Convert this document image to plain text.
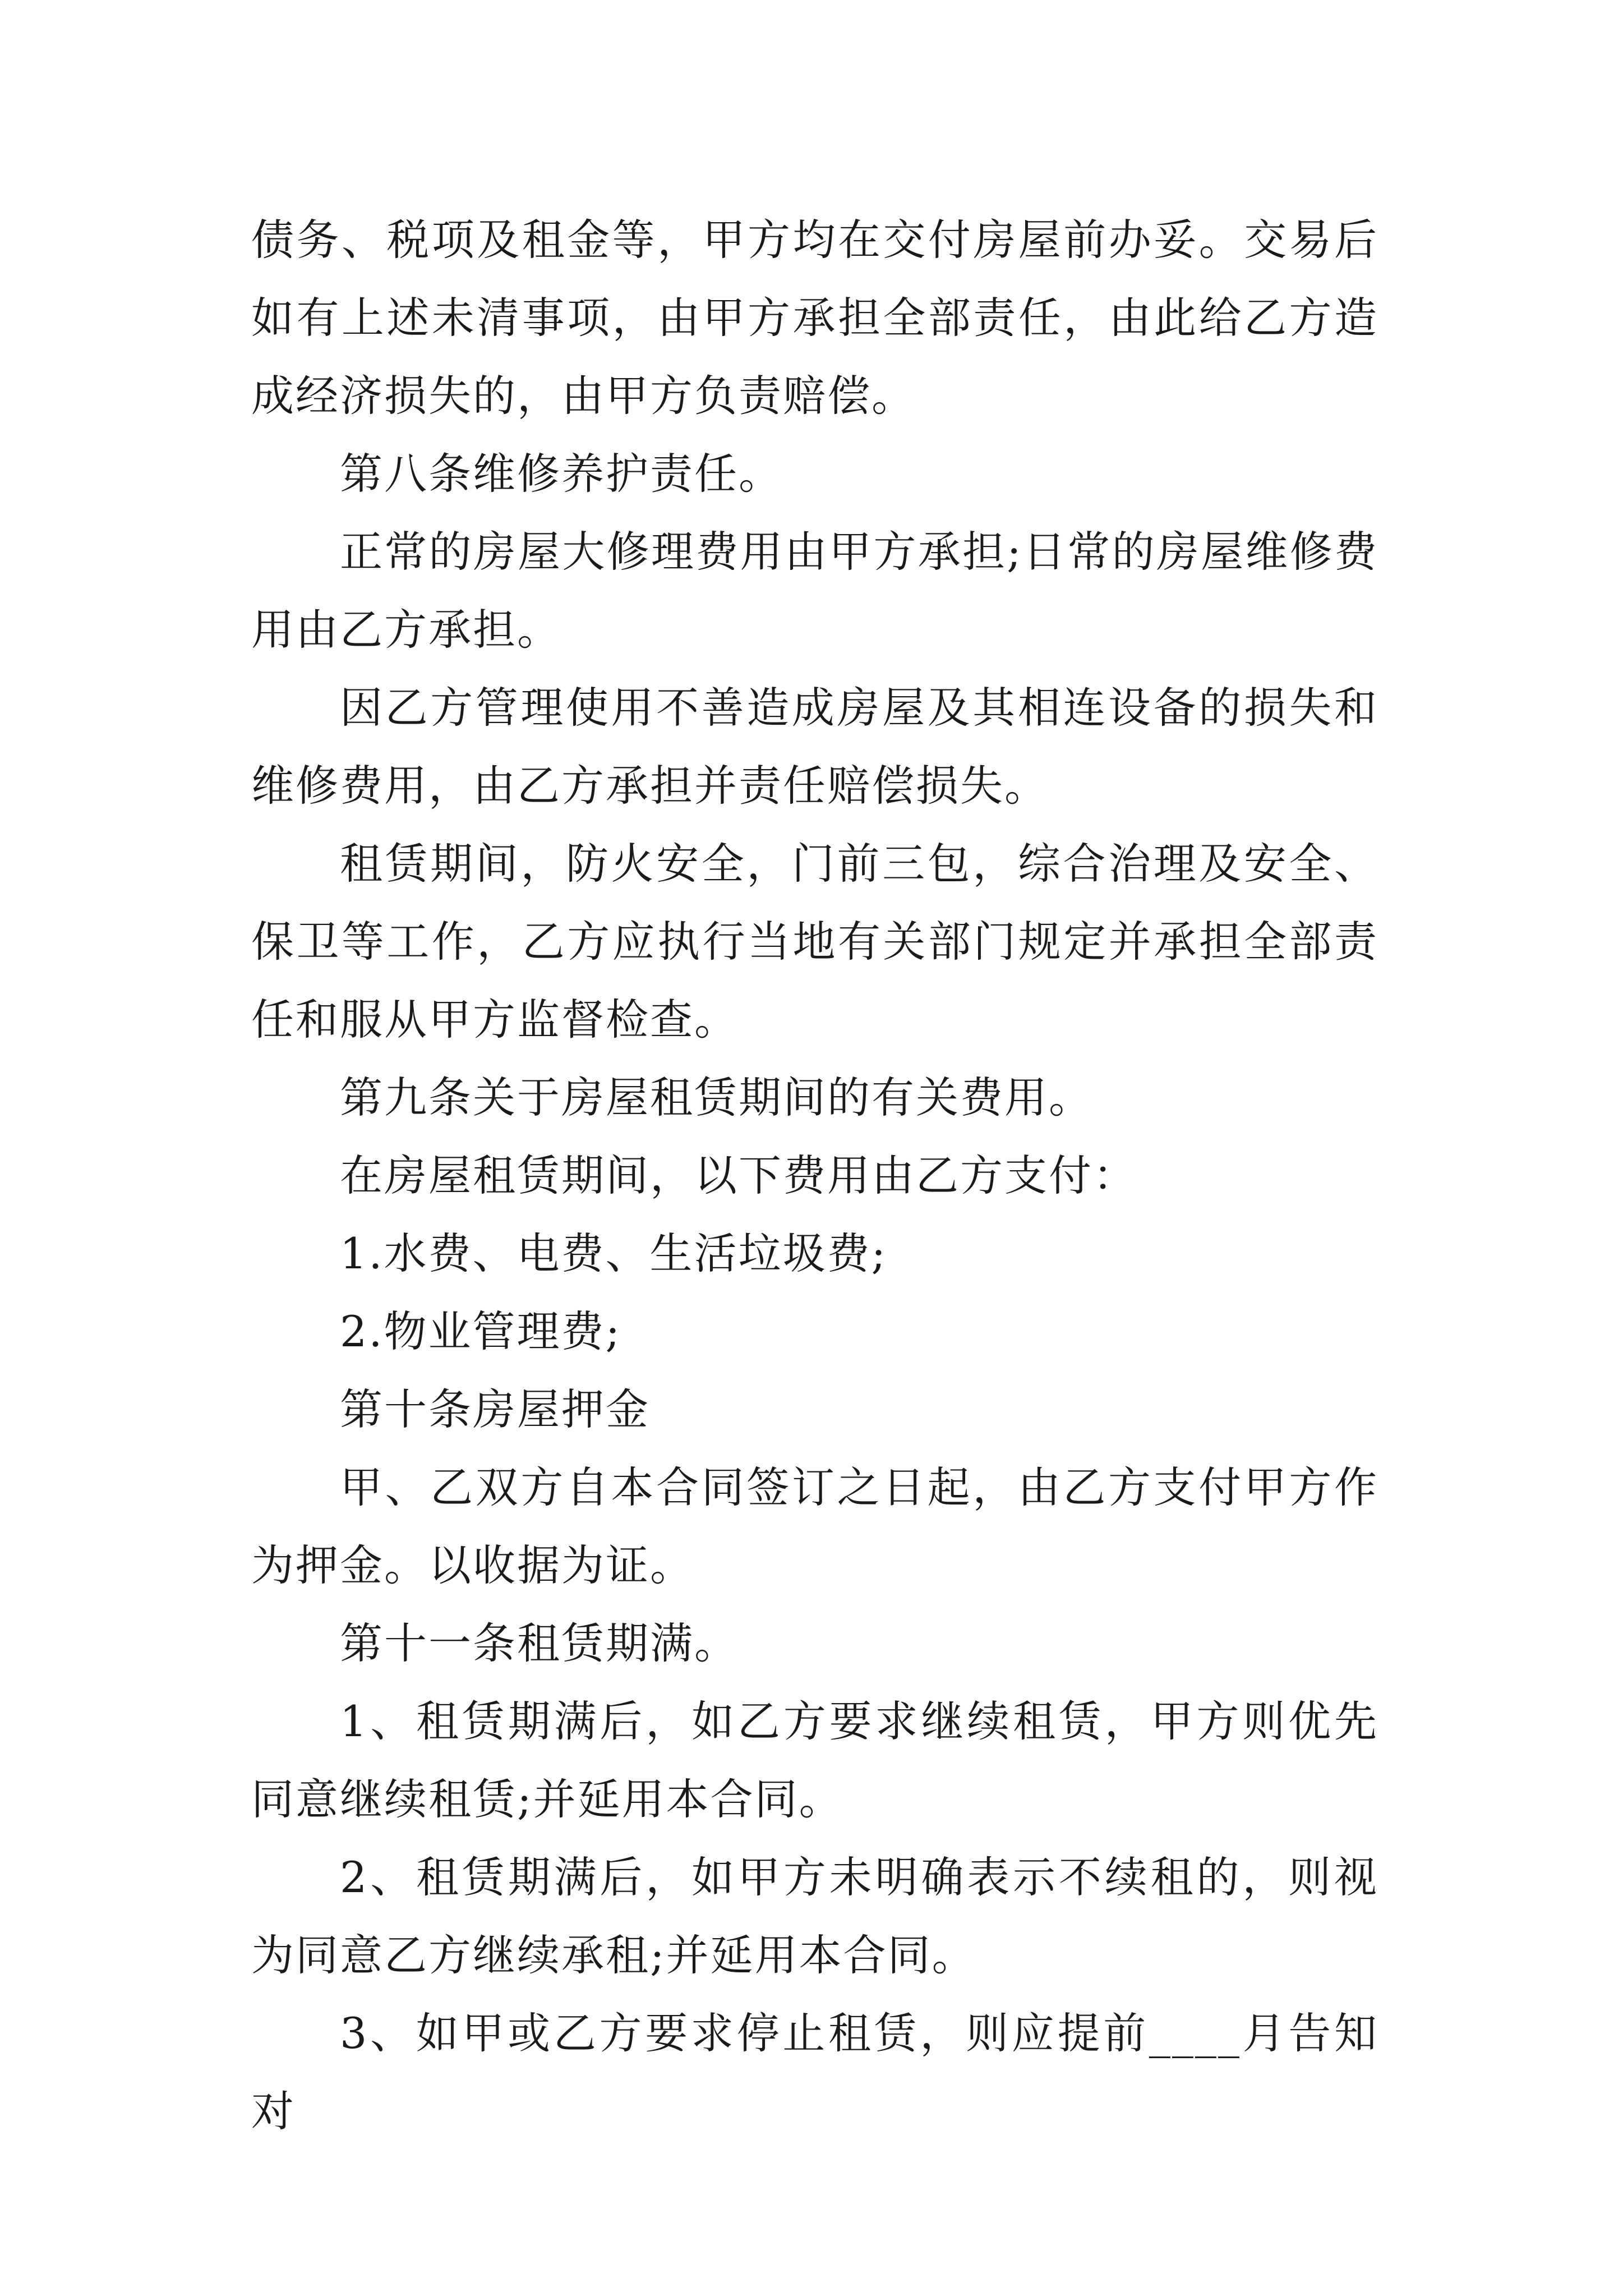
债务、税项及租金等，甲方均在交付房屋前办妥。交易后如有上述未清事项，由甲方承担全部责任，由此给乙方造成经济损失的，由甲方负责赔偿。

第八条维修养护责任。

正常的房屋大修理费用由甲方承担;日常的房屋维修费用由乙方承担。

因乙方管理使用不善造成房屋及其相连设备的损失和维修费用，由乙方承担并责任赔偿损失。

租赁期间，防火安全，门前三包，综合治理及安全、保卫等工作，乙方应执行当地有关部门规定并承担全部责任和服从甲方监督检查。

第九条关于房屋租赁期间的有关费用。

在房屋租赁期间，以下费用由乙方支付：

1.水费、电费、生活垃圾费;

2.物业管理费;

第十条房屋押金

甲、乙双方自本合同签订之日起，由乙方支付甲方作为押金。以收据为证。

第十一条租赁期满。

1、租赁期满后，如乙方要求继续租赁，甲方则优先同意继续租赁;并延用本合同。

2、租赁期满后，如甲方未明确表示不续租的，则视为同意乙方继续承租;并延用本合同。

3、如甲或乙方要求停止租赁，则应提前____月告知对
